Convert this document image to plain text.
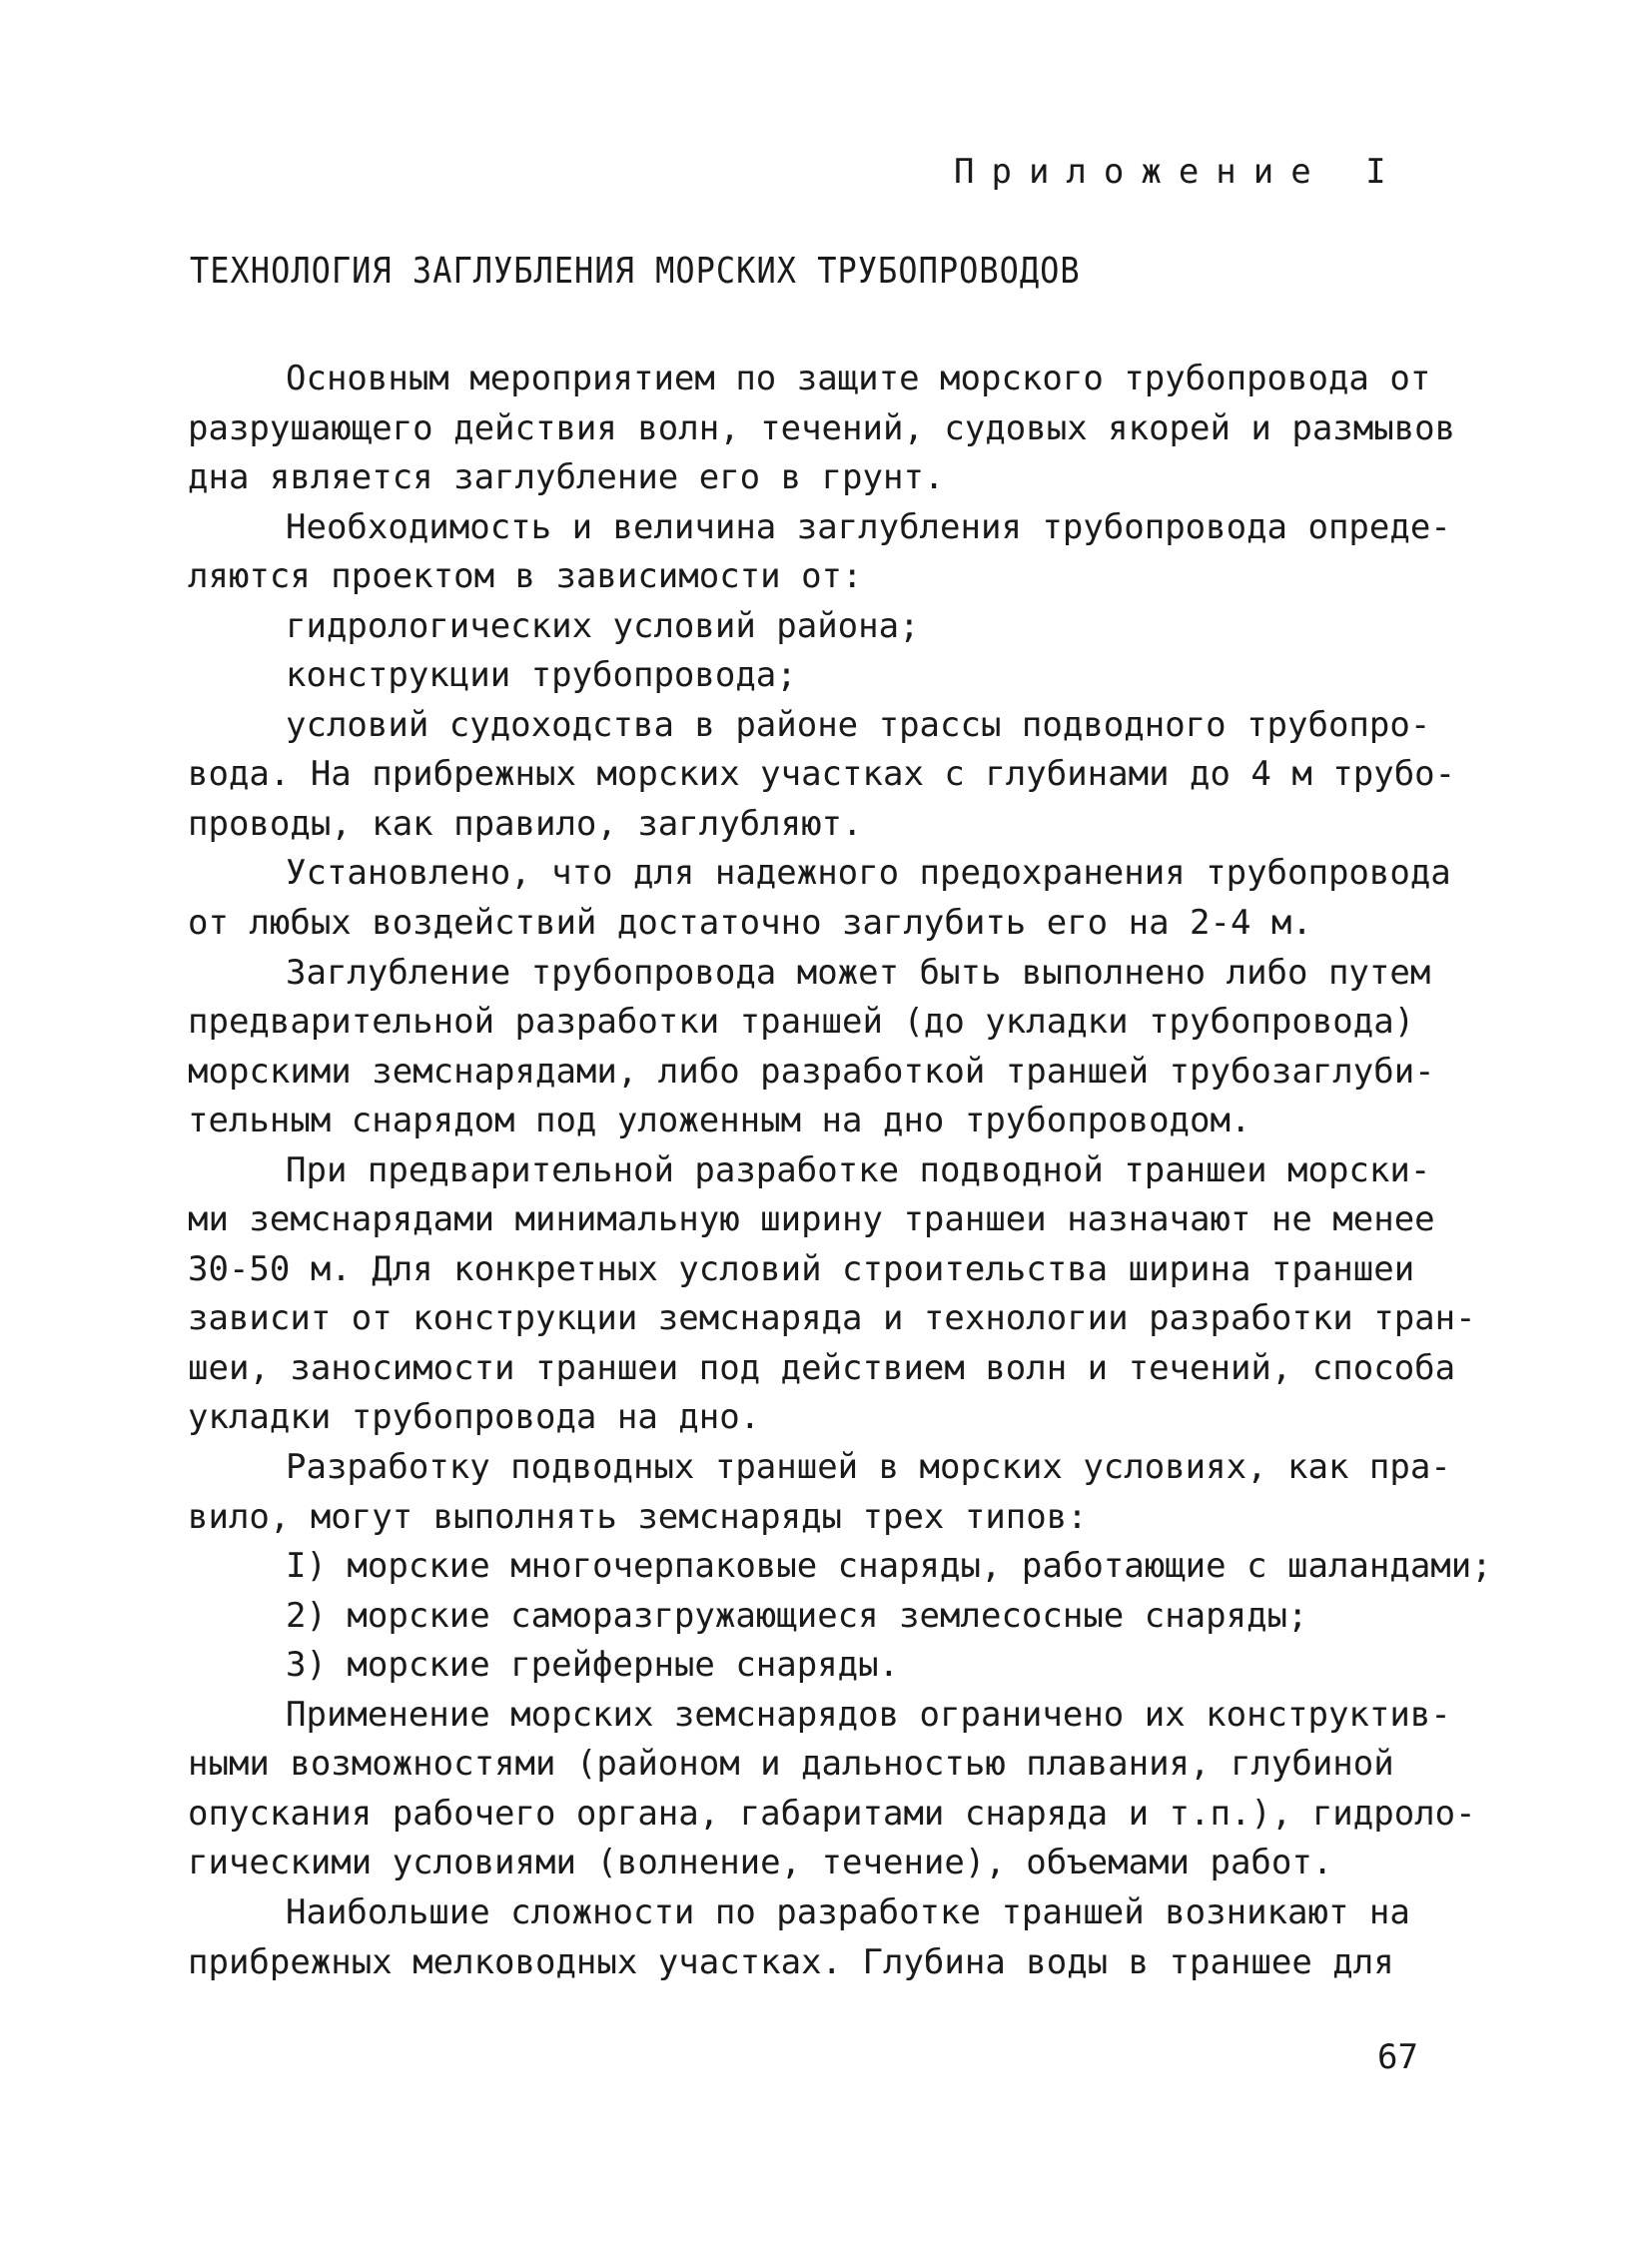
Приложение I
ТЕХНОЛОГИЯ ЗАГЛУБЛЕНИЯ МОРСКИХ ТРУБОПРОВОДОВ
Основным мероприятием по защите морского трубопровода от
разрушающего действия волн, течений, судовых якорей и размывов
дна является заглубление его в грунт.
Необходимость и величина заглубления трубопровода опреде-
ляются проектом в зависимости от:
гидрологических условий района;
конструкции трубопровода;
условий судоходства в районе трассы подводного трубопро-
вода. На прибрежных морских участках с глубинами до 4 м трубо-
проводы, как правило, заглубляют.
Установлено, что для надежного предохранения трубопровода
от любых воздействий достаточно заглубить его на 2-4 м.
Заглубление трубопровода может быть выполнено либо путем
предварительной разработки траншей (до укладки трубопровода)
морскими земснарядами, либо разработкой траншей трубозаглуби-
тельным снарядом под уложенным на дно трубопроводом.
При предварительной разработке подводной траншеи морски-
ми земснарядами минимальную ширину траншеи назначают не менее
30-50 м. Для конкретных условий строительства ширина траншеи
зависит от конструкции земснаряда и технологии разработки тран-
шеи, заносимости траншеи под действием волн и течений, способа
укладки трубопровода на дно.
Разработку подводных траншей в морских условиях, как пра-
вило, могут выполнять земснаряды трех типов:
I) морские многочерпаковые снаряды, работающие с шаландами;
2) морские саморазгружающиеся землесосные снаряды;
3) морские грейферные снаряды.
Применение морских земснарядов ограничено их конструктив-
ными возможностями (районом и дальностью плавания, глубиной
опускания рабочего органа, габаритами снаряда и т.п.), гидроло-
гическими условиями (волнение, течение), объемами работ.
Наибольшие сложности по разработке траншей возникают на
прибрежных мелководных участках. Глубина воды в траншее для
67
